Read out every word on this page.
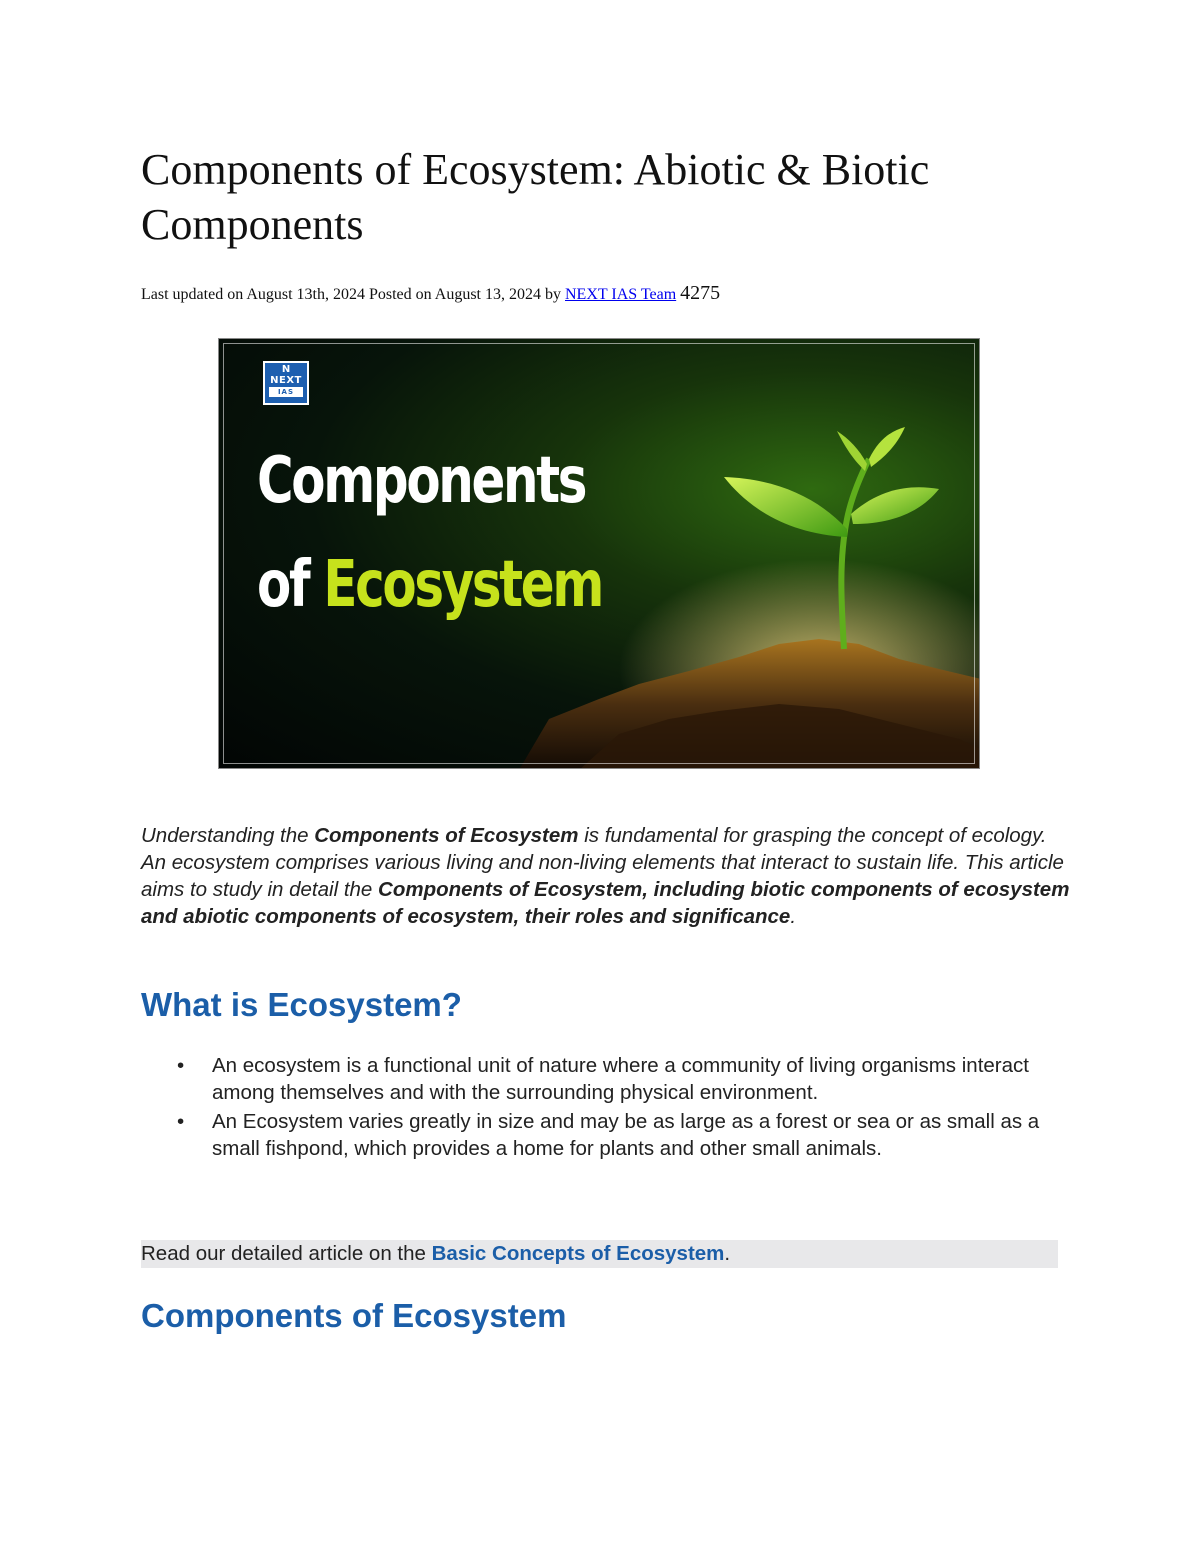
Components of Ecosystem: Abiotic & Biotic Components
Last updated on August 13th, 2024 Posted on August 13, 2024 by NEXT IAS Team 4275
N
NEXT
IAS
Components
of Ecosystem

Understanding the Components of Ecosystem is fundamental for grasping the concept of ecology. An ecosystem comprises various living and non-living elements that interact to sustain life. This article aims to study in detail the Components of Ecosystem, including biotic components of ecosystem and abiotic components of ecosystem, their roles and significance.

What is Ecosystem?
• An ecosystem is a functional unit of nature where a community of living organisms interact among themselves and with the surrounding physical environment.
• An Ecosystem varies greatly in size and may be as large as a forest or sea or as small as a small fishpond, which provides a home for plants and other small animals.
Read our detailed article on the Basic Concepts of Ecosystem.
Components of Ecosystem
